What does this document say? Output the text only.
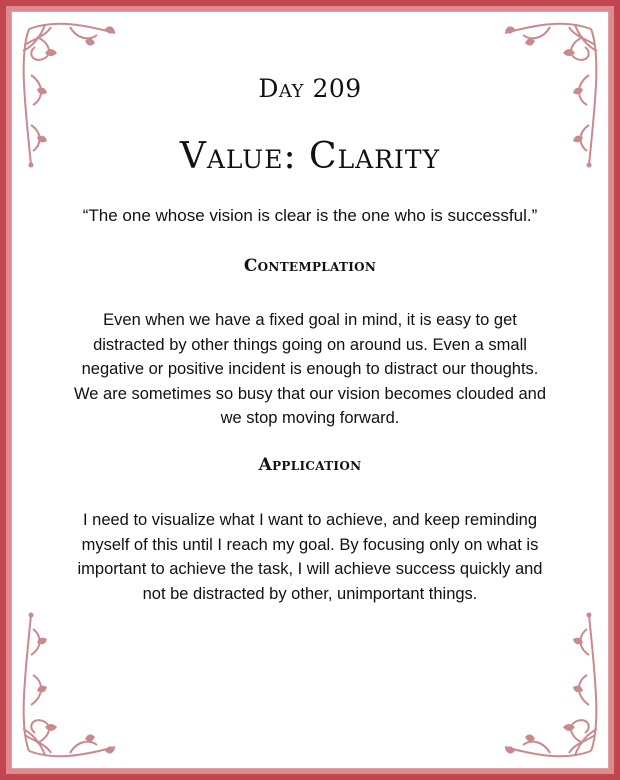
Day 209
Value: Clarity
“The one whose vision is clear is the one who is successful.”
Contemplation
Even when we have a fixed goal in mind, it is easy to get
distracted by other things going on around us. Even a small
negative or positive incident is enough to distract our thoughts.
We are sometimes so busy that our vision becomes clouded and
we stop moving forward.
Application
I need to visualize what I want to achieve, and keep reminding
myself of this until I reach my goal. By focusing only on what is
important to achieve the task, I will achieve success quickly and
not be distracted by other, unimportant things.
